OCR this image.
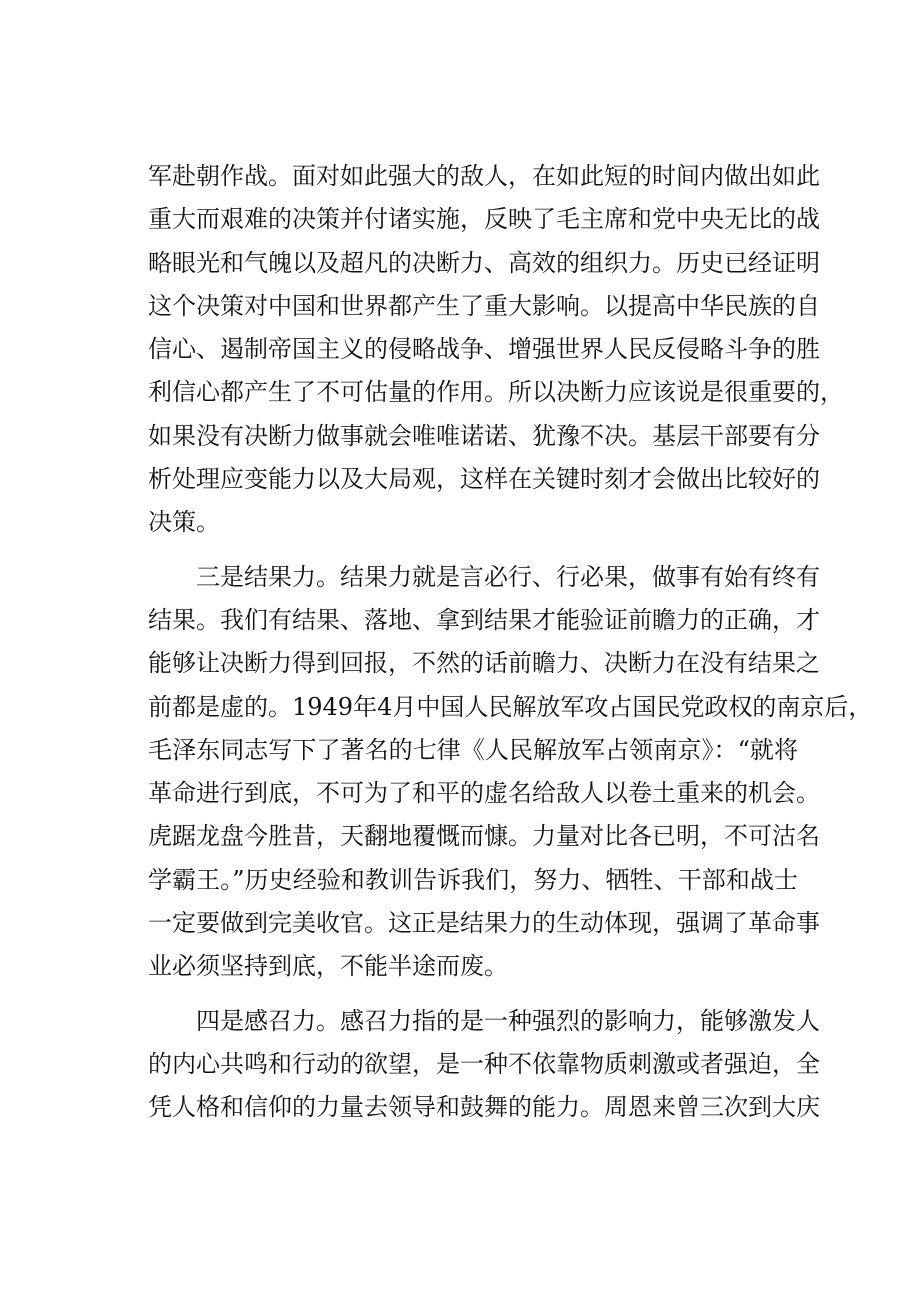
军赴朝作战。面对如此强大的敌人，在如此短的时间内做出如此
重大而艰难的决策并付诸实施，反映了毛主席和党中央无比的战
略眼光和气魄以及超凡的决断力、高效的组织力。历史已经证明
这个决策对中国和世界都产生了重大影响。以提高中华民族的自
信心、遏制帝国主义的侵略战争、增强世界人民反侵略斗争的胜
利信心都产生了不可估量的作用。所以决断力应该说是很重要的，
如果没有决断力做事就会唯唯诺诺、犹豫不决。基层干部要有分
析处理应变能力以及大局观，这样在关键时刻才会做出比较好的
决策。
三是结果力。结果力就是言必行、行必果，做事有始有终有
结果。我们有结果、落地、拿到结果才能验证前瞻力的正确，才
能够让决断力得到回报，不然的话前瞻力、决断力在没有结果之
前都是虚的。1949年4月中国人民解放军攻占国民党政权的南京后，
毛泽东同志写下了著名的七律《人民解放军占领南京》：“就将
革命进行到底，不可为了和平的虚名给敌人以卷土重来的机会。
虎踞龙盘今胜昔，天翻地覆慨而慷。力量对比各已明，不可沽名
学霸王。”历史经验和教训告诉我们，努力、牺牲、干部和战士
一定要做到完美收官。这正是结果力的生动体现，强调了革命事
业必须坚持到底，不能半途而废。
四是感召力。感召力指的是一种强烈的影响力，能够激发人
的内心共鸣和行动的欲望，是一种不依靠物质刺激或者强迫，全
凭人格和信仰的力量去领导和鼓舞的能力。周恩来曾三次到大庆
